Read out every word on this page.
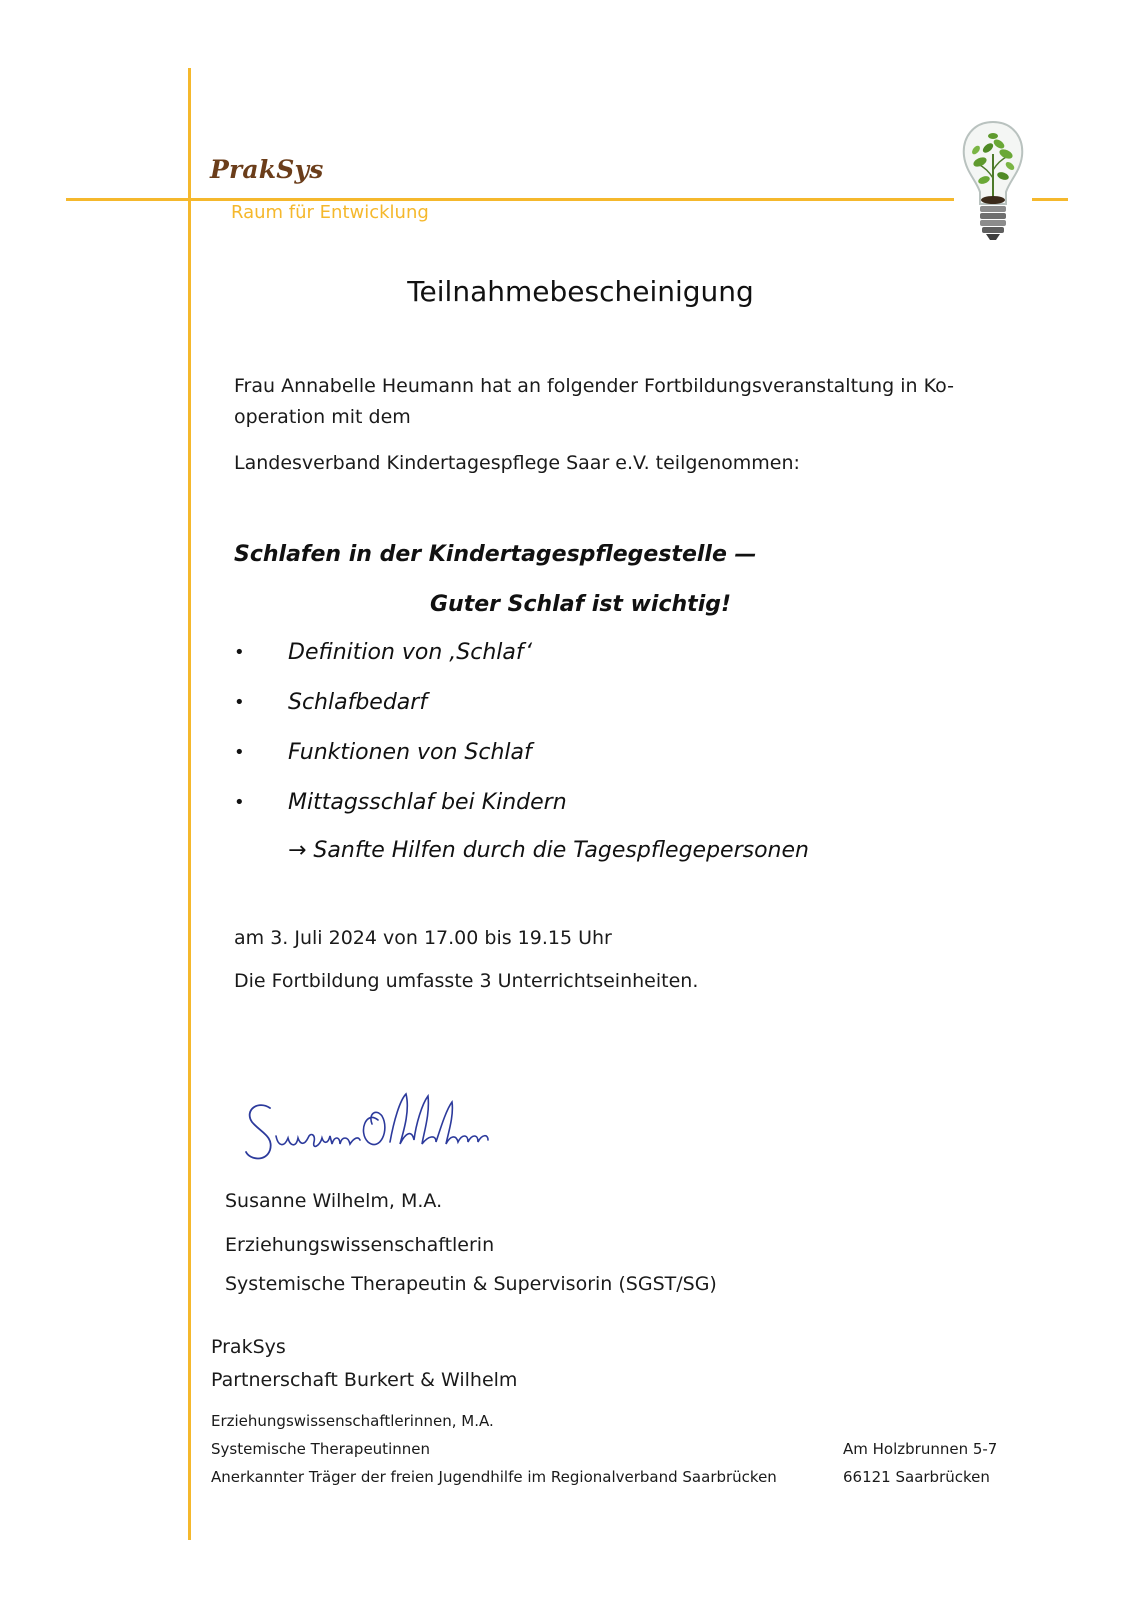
PrakSys
Raum für Entwicklung
Teilnahmebescheinigung
Frau Annabelle Heumann hat an folgender Fortbildungsveranstaltung in Ko-
operation mit dem
Landesverband Kindertagespflege Saar e.V. teilgenommen:
Schlafen in der Kindertagespflegestelle —
Guter Schlaf ist wichtig!
• Definition von ‚Schlaf‘
• Schlafbedarf
• Funktionen von Schlaf
• Mittagsschlaf bei Kindern
→ Sanfte Hilfen durch die Tagespflegepersonen
am 3. Juli 2024 von 17.00 bis 19.15 Uhr
Die Fortbildung umfasste 3 Unterrichtseinheiten.
Susanne Wilhelm, M.A.
Erziehungswissenschaftlerin
Systemische Therapeutin & Supervisorin (SGST/SG)
PrakSys
Partnerschaft Burkert & Wilhelm
Erziehungswissenschaftlerinnen, M.A.
Systemische Therapeutinnen
Anerkannter Träger der freien Jugendhilfe im Regionalverband Saarbrücken
Am Holzbrunnen 5-7
66121 Saarbrücken
